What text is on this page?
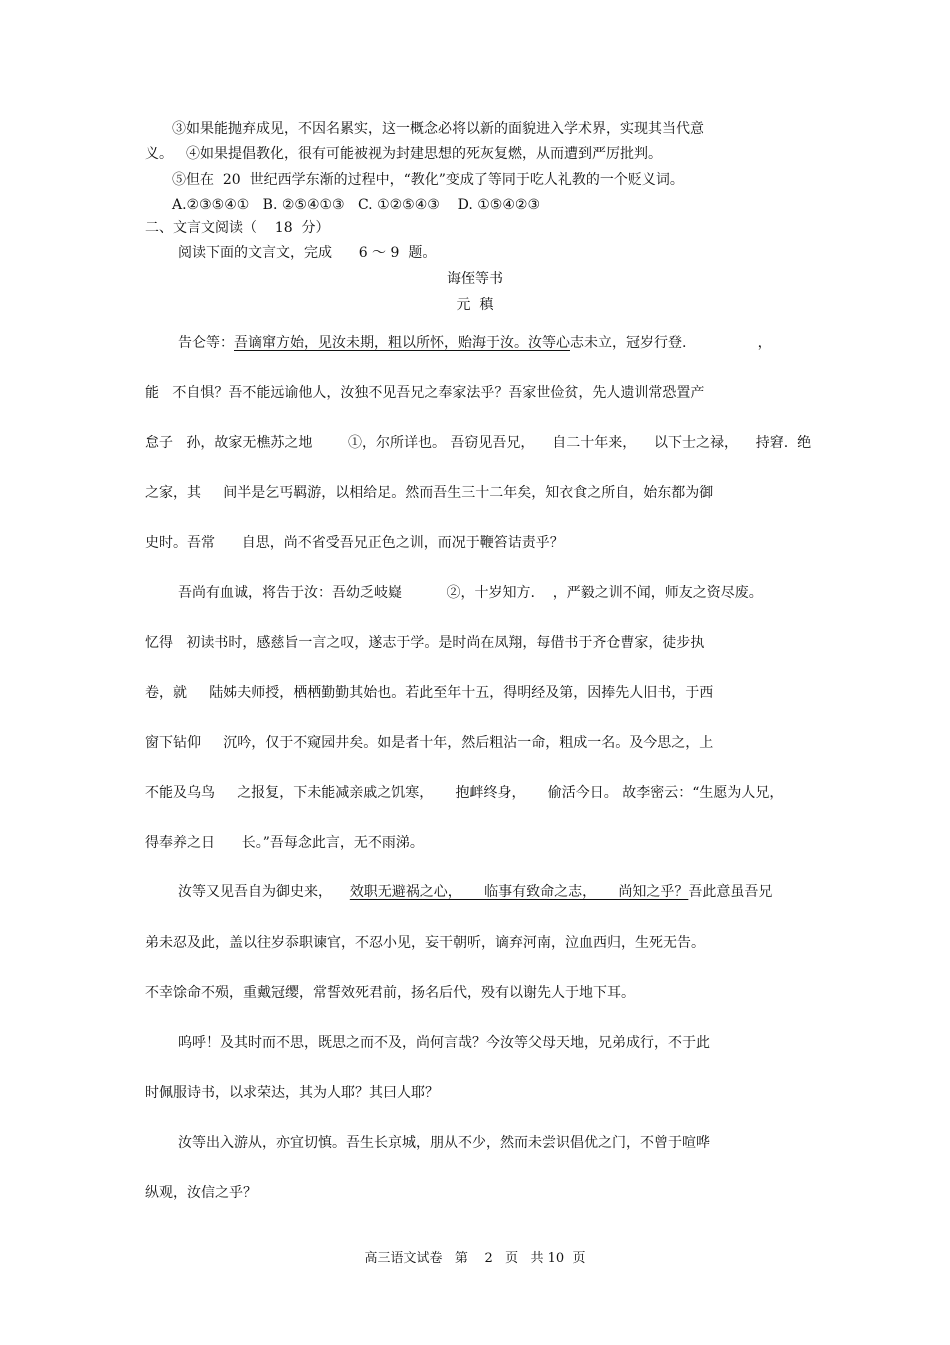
③如果能抛弃成见，不因名累实，这一概念必将以新的面貌进入学术界，实现其当代意
义。 ④如果提倡教化，很有可能被视为封建思想的死灰复燃，从而遭到严厉批判。
⑤但在  20  世纪西学东渐的过程中，“教化”变成了等同于吃人礼教的一个贬义词。
A.②③⑤④①   B. ②⑤④①③   C. ①②⑤④③    D. ①⑤④②③
二、文言文阅读（    18  分）
阅读下面的文言文，完成      6 ～ 9  题。
诲侄等书
元  稹
告仑等：吾谪窜方始，见汝未期，粗以所怀，贻海于汝。汝等心志未立，冠岁行登.                ，
能   不自惧？吾不能远谕他人，汝独不见吾兄之奉家法乎？吾家世俭贫，先人遗训常恐置产
怠子   孙，故家无樵苏之地        ①，尔所详也。 吾窃见吾兄，    自二十年来，    以下士之禄，    持窘.  绝
之家，其     间半是乞丐羁游，以相给足。然而吾生三十二年矣，知衣食之所自，始东都为御
史时。吾常      自思，尚不省受吾兄正色之训，而况于鞭笞诘责乎？
吾尚有血诚，将告于汝：吾幼乏岐嶷          ②，十岁知方.    ，严毅之训不闻，师友之资尽废。
忆得   初读书时，感慈旨一言之叹，遂志于学。是时尚在凤翔，每借书于齐仓曹家，徒步执
卷，就     陆姊夫师授，栖栖勤勤其始也。若此至年十五，得明经及第，因捧先人旧书，于西
窗下钻仰     沉吟，仅于不窥园井矣。如是者十年，然后粗沾一命，粗成一名。及今思之，上
不能及乌鸟     之报复，下未能减亲戚之饥寒，     抱衅终身，     偷活今日。 故李密云：“生愿为人兄，
得奉养之日      长。”吾每念此言，无不雨涕。
汝等又见吾自为御史来，    效职无避祸之心，     临事有致命之志，     尚知之乎？吾此意虽吾兄
弟未忍及此，盖以往岁忝职谏官，不忍小见，妄干朝听，谪弃河南，泣血西归，生死无告。
不幸馀命不殒，重戴冠缨，常誓效死君前，扬名后代，殁有以谢先人于地下耳。
呜呼！及其时而不思，既思之而不及，尚何言哉？今汝等父母天地，兄弟成行，不于此
时佩服诗书，以求荣达，其为人耶？其曰人耶？
汝等出入游从，亦宜切慎。吾生长京城，朋从不少，然而未尝识倡优之门，不曾于喧哗
纵观，汝信之乎？
高三语文试卷   第    2   页   共 10  页
